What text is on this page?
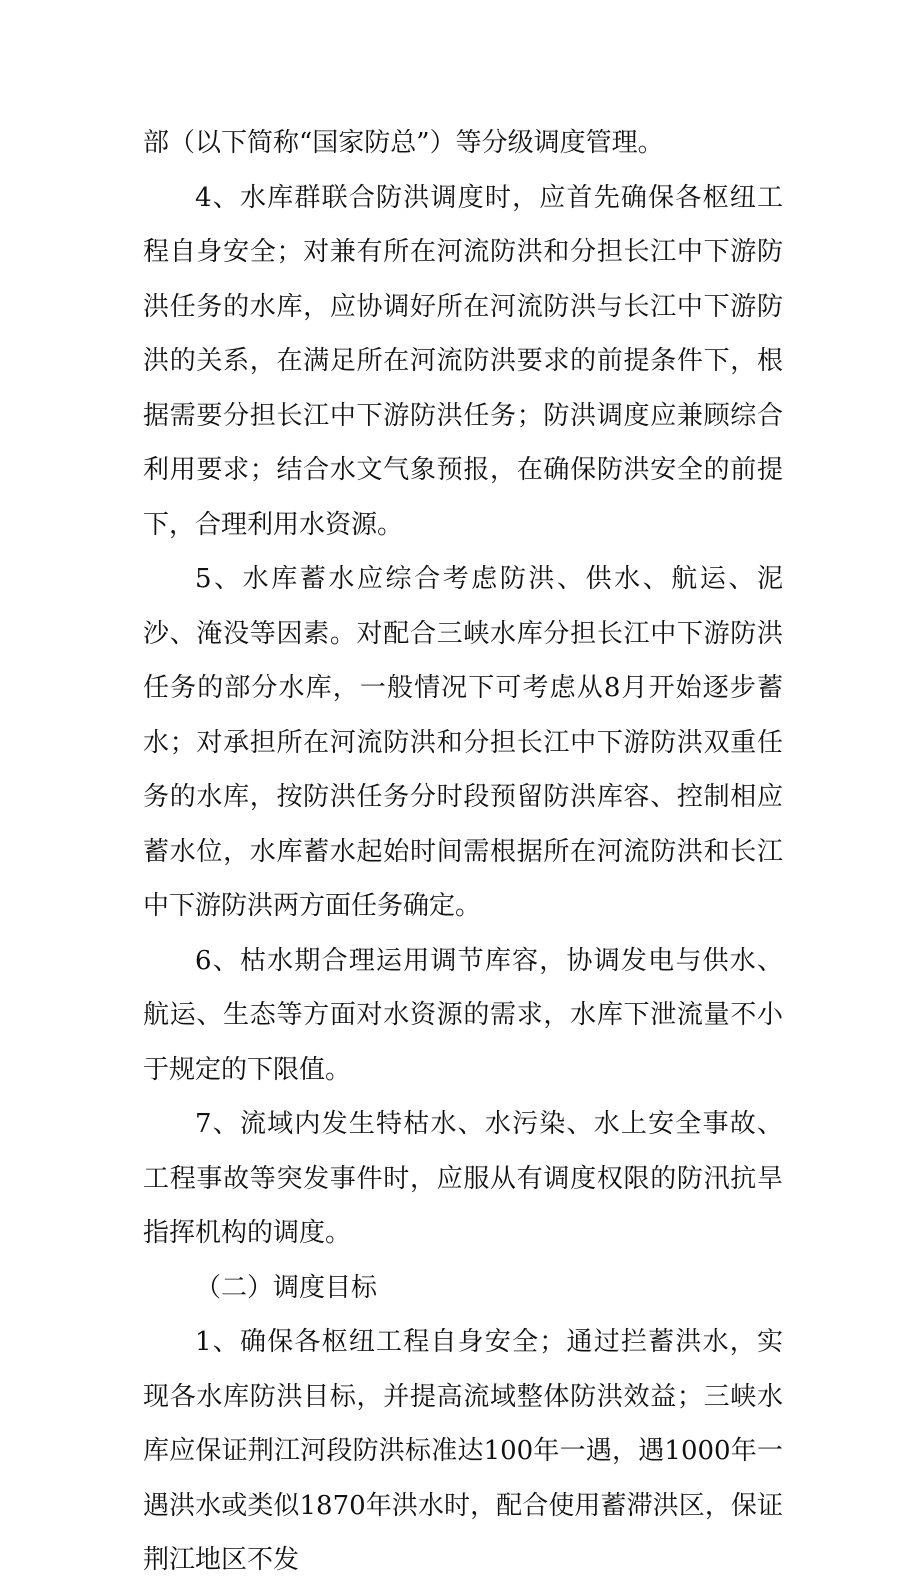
部（以下简称“国家防总”）等分级调度管理。

4、水库群联合防洪调度时，应首先确保各枢纽工程自身安全；对兼有所在河流防洪和分担长江中下游防洪任务的水库，应协调好所在河流防洪与长江中下游防洪的关系，在满足所在河流防洪要求的前提条件下，根据需要分担长江中下游防洪任务；防洪调度应兼顾综合利用要求；结合水文气象预报，在确保防洪安全的前提下，合理利用水资源。

5、水库蓄水应综合考虑防洪、供水、航运、泥沙、淹没等因素。对配合三峡水库分担长江中下游防洪任务的部分水库，一般情况下可考虑从8月开始逐步蓄水；对承担所在河流防洪和分担长江中下游防洪双重任务的水库，按防洪任务分时段预留防洪库容、控制相应蓄水位，水库蓄水起始时间需根据所在河流防洪和长江中下游防洪两方面任务确定。

6、枯水期合理运用调节库容，协调发电与供水、航运、生态等方面对水资源的需求，水库下泄流量不小于规定的下限值。

7、流域内发生特枯水、水污染、水上安全事故、工程事故等突发事件时，应服从有调度权限的防汛抗旱指挥机构的调度。

（二）调度目标

1、确保各枢纽工程自身安全；通过拦蓄洪水，实现各水库防洪目标，并提高流域整体防洪效益；三峡水库应保证荆江河段防洪标准达100年一遇，遇1000年一遇洪水或类似1870年洪水时，配合使用蓄滞洪区，保证荆江地区不发
